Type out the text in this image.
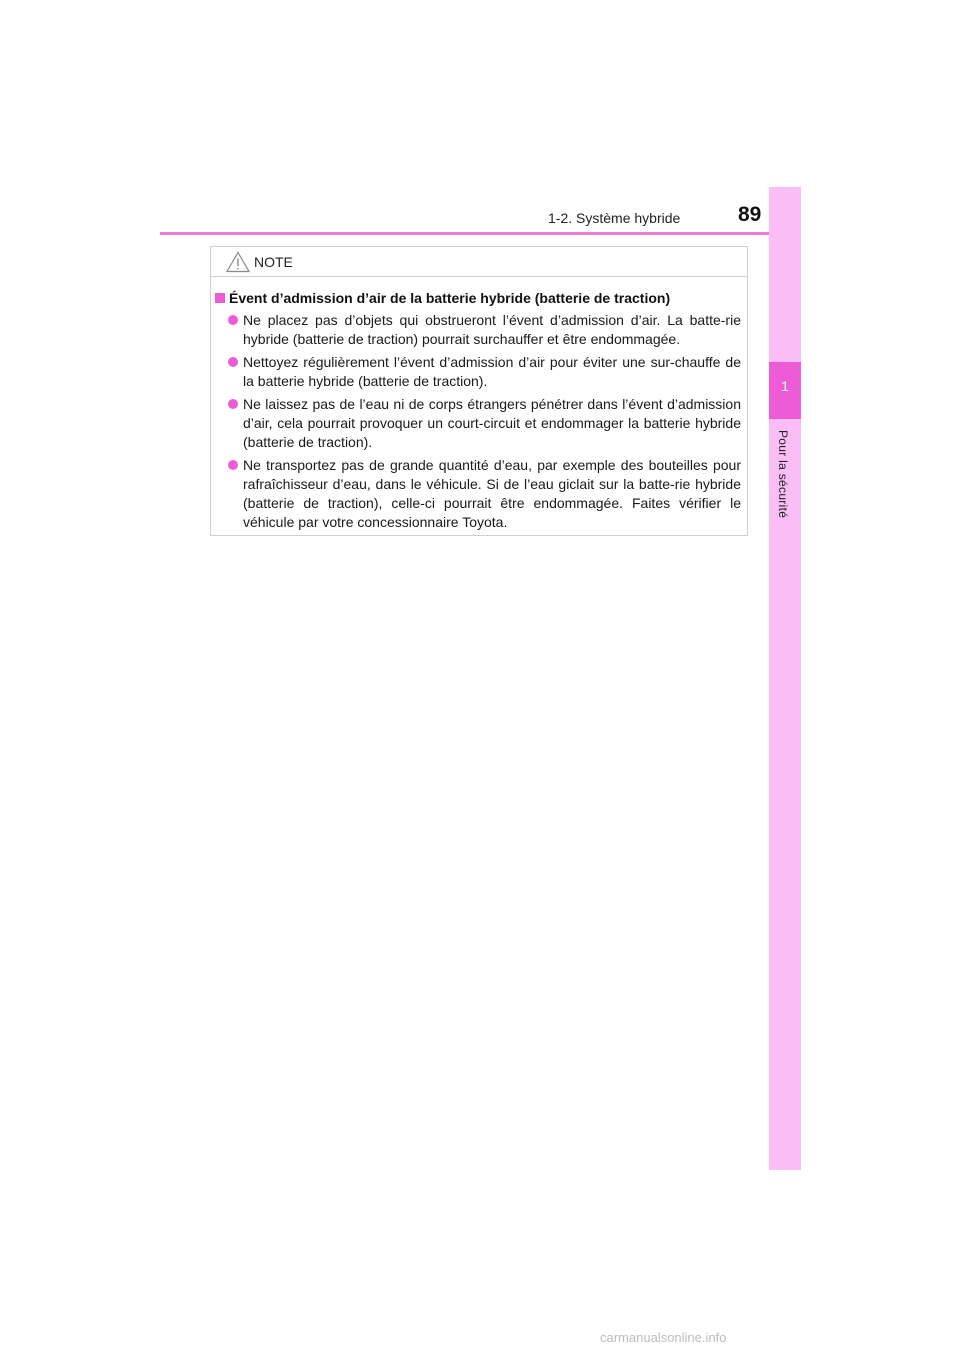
1-2. Système hybride	89
1
Pour la sécurité
NOTE
Évent d’admission d’air de la batterie hybride (batterie de traction)
Ne placez pas d’objets qui obstrueront l’évent d’admission d’air. La batte-rie hybride (batterie de traction) pourrait surchauffer et être endommagée.
Nettoyez régulièrement l’évent d’admission d’air pour éviter une sur-chauffe de la batterie hybride (batterie de traction).
Ne laissez pas de l’eau ni de corps étrangers pénétrer dans l’évent d’admission d’air, cela pourrait provoquer un court-circuit et endommager la batterie hybride (batterie de traction).
Ne transportez pas de grande quantité d’eau, par exemple des bouteilles pour rafraîchisseur d’eau, dans le véhicule. Si de l’eau giclait sur la batte-rie hybride (batterie de traction), celle-ci pourrait être endommagée. Faites vérifier le véhicule par votre concessionnaire Toyota.
carmanualsonline.info
